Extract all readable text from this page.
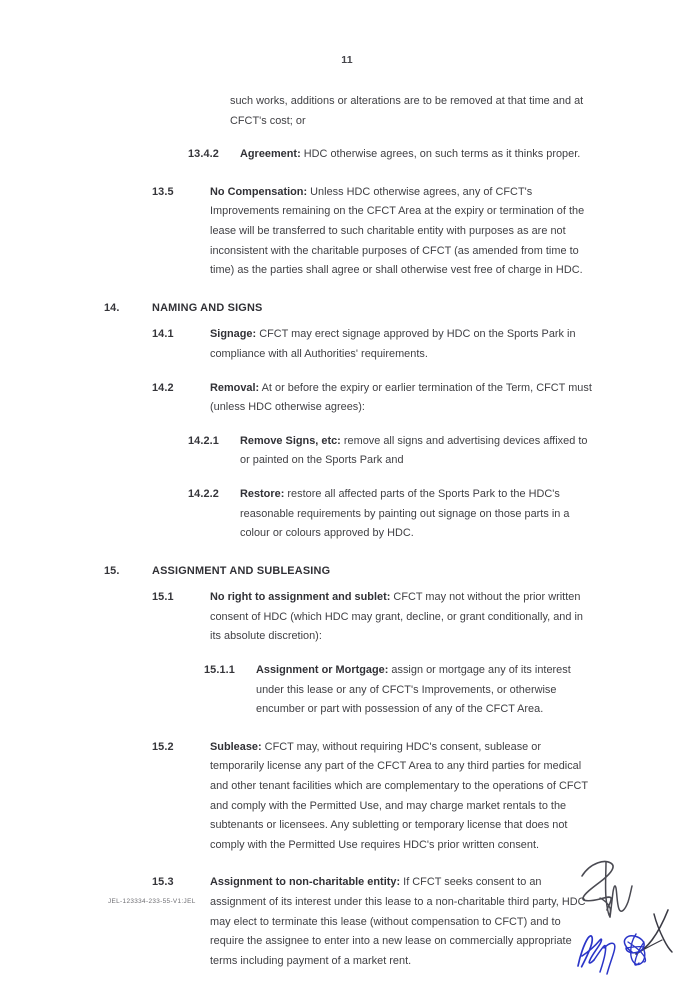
11
such works, additions or alterations are to be removed at that time and at CFCT's cost; or
13.4.2	Agreement: HDC otherwise agrees, on such terms as it thinks proper.
13.5	No Compensation: Unless HDC otherwise agrees, any of CFCT's Improvements remaining on the CFCT Area at the expiry or termination of the lease will be transferred to such charitable entity with purposes as are not inconsistent with the charitable purposes of CFCT (as amended from time to time) as the parties shall agree or shall otherwise vest free of charge in HDC.
14.	NAMING AND SIGNS
14.1	Signage: CFCT may erect signage approved by HDC on the Sports Park in compliance with all Authorities' requirements.
14.2	Removal: At or before the expiry or earlier termination of the Term, CFCT must (unless HDC otherwise agrees):
14.2.1	Remove Signs, etc: remove all signs and advertising devices affixed to or painted on the Sports Park and
14.2.2	Restore: restore all affected parts of the Sports Park to the HDC's reasonable requirements by painting out signage on those parts in a colour or colours approved by HDC.
15.	ASSIGNMENT AND SUBLEASING
15.1	No right to assignment and sublet: CFCT may not without the prior written consent of HDC (which HDC may grant, decline, or grant conditionally, and in its absolute discretion):
15.1.1	Assignment or Mortgage: assign or mortgage any of its interest under this lease or any of CFCT's Improvements, or otherwise encumber or part with possession of any of the CFCT Area.
15.2	Sublease: CFCT may, without requiring HDC's consent, sublease or temporarily license any part of the CFCT Area to any third parties for medical and other tenant facilities which are complementary to the operations of CFCT and comply with the Permitted Use, and may charge market rentals to the subtenants or licensees. Any subletting or temporary license that does not comply with the Permitted Use requires HDC's prior written consent.
15.3	Assignment to non-charitable entity: If CFCT seeks consent to an assignment of its interest under this lease to a non-charitable third party, HDC may elect to terminate this lease (without compensation to CFCT) and to require the assignee to enter into a new lease on commercially appropriate terms including payment of a market rent.
JEL-123334-233-55-V1:JEL
